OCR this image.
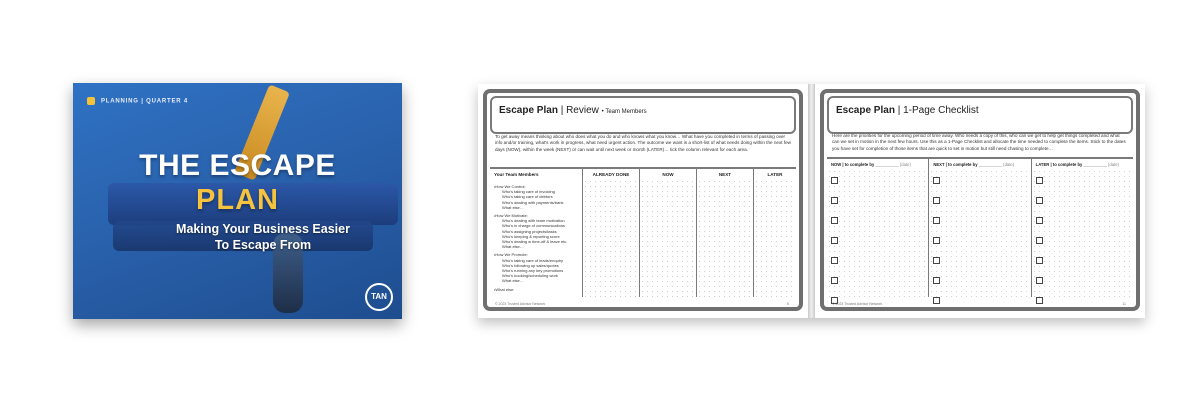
PLANNING | QUARTER 4
THE ESCAPE
PLAN
Making Your Business Easier
To Escape From
TAN
Escape Plan | Review • Team Members
To get away means thinking about who does what you do and who knows what you know… What have you completed in terms of passing over info and/or training, what's work in progress, what need urgent action. The outcome we want is a short-list of what needs doing within the next few days (NOW), within the week (NEXT) or can wait until next week or month (LATER)… tick the column relevant for each area.
Your Team Members
•How We Control:
Who's taking care of invoicing
Who's taking care of debtors
Who's dealing with payments/bank
What else…
•How We Motivate:
Who's dealing with team motivation
Who's in charge of communications
Who's assigning projects/tasks
Who's keeping & reporting score
Who's dealing w time-off & leave etc.
What else…
•How We Promote:
Who's taking care of leads/enquiry
Who's following up sales/quotes
Who's running any key promotions
Who's booking/scheduling work
What else…
•What else:
ALREADY DONE	NOW	NEXT	LATER
© 2023 Trusted Advisor Network	5
Escape Plan | 1-Page Checklist
Here are the priorities for the upcoming period of time away. Who needs a copy of this, who can we get to help get things completed and what can we set in motion in the next few hours. Use this as a 1-Page Checklist and allocate the time needed to complete the items. Stick to the dates you have set for completion of those items that are quick to set in motion but still need chasing to complete…
NOW | to complete by __________ (date)	NEXT | to complete by __________ (date)	LATER | to complete by __________ (date)
© 2023 Trusted Advisor Network	11
